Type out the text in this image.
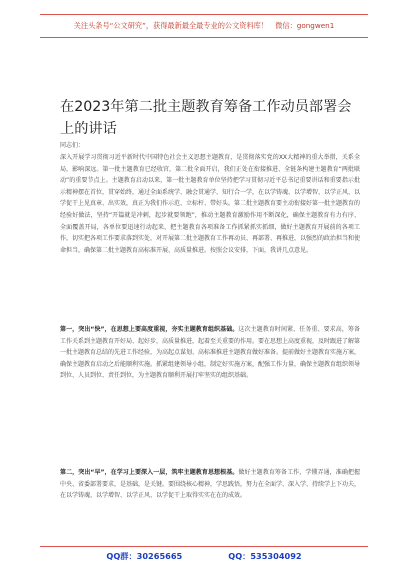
关注头条号“公文研究”，获得最新最全最专业的公文资料库！　微信：gongwen1
在2023年第二批主题教育筹备工作动员部署会上的讲话
同志们：

深入开展学习贯彻习近平新时代中国特色社会主义思想主题教育，是贯彻落实党的XX大精神的重大举措，关系全局，影响深远。第一批主题教育已经收官，第二批全面开启，我们正处在衔接推进、全链条构建主题教育“两批联动”的重要节点上。主题教育启动以来，第一批主题教育单位坚持把学习贯彻习近平总书记重要讲话和重要指示批示精神摆在首位，贯穿始终，通过全面系统学、融会贯通学、知行合一学，在以学铸魂、以学增智、以学正风、以学促干上见真章、出实效，真正为我们作示范、立标杆、带好头。第二批主题教育要主动衔接好第一批主题教育的经验好做法，坚持“开篇就是冲刺，起步就要领跑”，推动主题教育激励作用不断深化，确保主题教育有力有序、全面覆盖开局，各单位要迅速行动起来，把主题教育各项准备工作抓紧抓实抓细，做好主题教育开展前的各项工作，切实把各项工作要求落到实处，对开展第二批主题教育工作再动员、再部署、再推进，以强烈的政治担当和使命担当，确保第二批主题教育高标准开展、高质量推进。按照会议安排，下面，我讲几点意见。

第一，突出“快”，在思想上要高度重视，夯实主题教育组织基础。这次主题教育时间紧、任务重、要求高，筹备工作关系到主题教育开好局、起好步，高质量推进，起着至关重要的作用。要在思想上高度重视，及时跟进了解第一批主题教育总结的先进工作经验，为高起点谋划、高标准推进主题教育做好准备。提前做好主题教育实施方案，确保主题教育启动之后能顺利实施。抓紧组建领导小组，制定好实施方案，配强工作力量，确保主题教育组织领导到位、人员到位、责任到位，为主题教育顺利开展打牢坚实的组织基础。

第二，突出“早”，在学习上要深入一层，筑牢主题教育思想根基。做好主题教育筹备工作，学懂弄通，准确把握中央、省委部署要求，是基础，是关键。要围绕核心精神，学思践悟，努力在全面学、深入学、持续学上下功夫，在以学铸魂、以学增智、以学正风、以学促干上取得实实在在的成效。

QQ群：30265665	QQ：535304092
